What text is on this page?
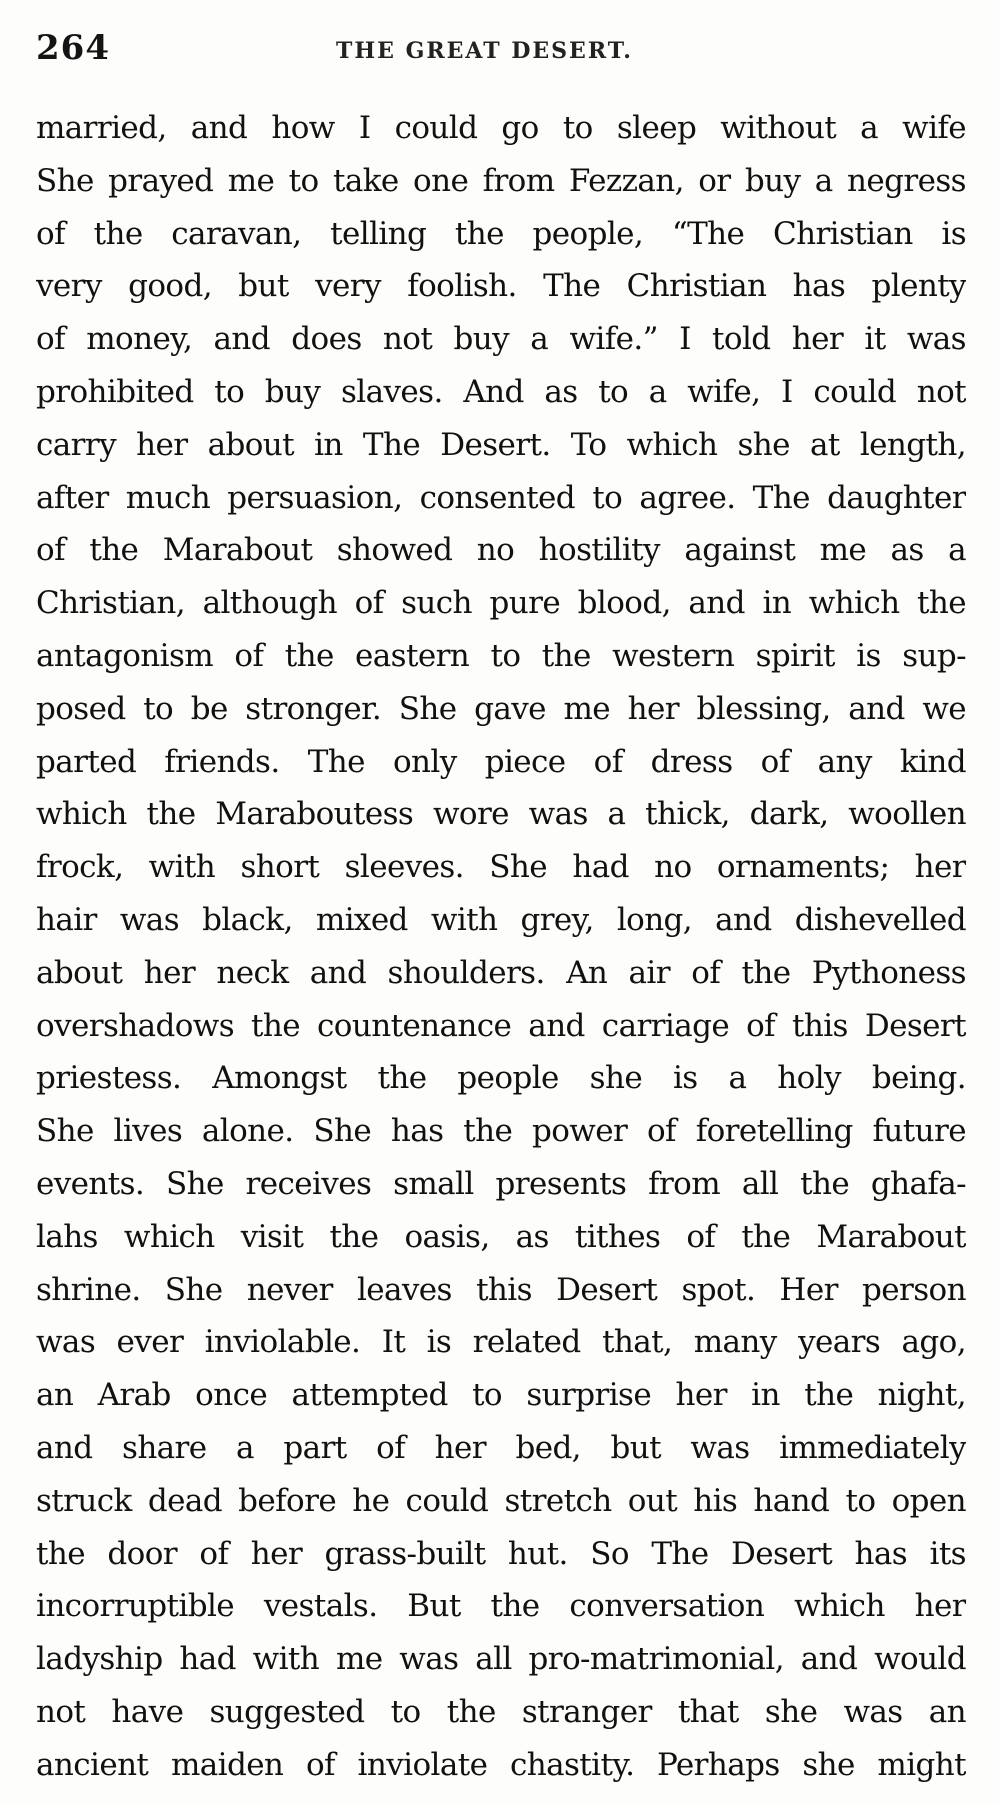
264	THE GREAT DESERT.
married, and how I could go to sleep without a wife
She prayed me to take one from Fezzan, or buy a negress
of the caravan, telling the people, “The Christian is
very good, but very foolish. The Christian has plenty
of money, and does not buy a wife.” I told her it was
prohibited to buy slaves. And as to a wife, I could not
carry her about in The Desert. To which she at length,
after much persuasion, consented to agree. The daughter
of the Marabout showed no hostility against me as a
Christian, although of such pure blood, and in which the
antagonism of the eastern to the western spirit is sup-
posed to be stronger. She gave me her blessing, and we
parted friends. The only piece of dress of any kind
which the Maraboutess wore was a thick, dark, woollen
frock, with short sleeves. She had no ornaments; her
hair was black, mixed with grey, long, and dishevelled
about her neck and shoulders. An air of the Pythoness
overshadows the countenance and carriage of this Desert
priestess. Amongst the people she is a holy being.
She lives alone. She has the power of foretelling future
events. She receives small presents from all the ghafa-
lahs which visit the oasis, as tithes of the Marabout
shrine. She never leaves this Desert spot. Her person
was ever inviolable. It is related that, many years ago,
an Arab once attempted to surprise her in the night,
and share a part of her bed, but was immediately
struck dead before he could stretch out his hand to open
the door of her grass-built hut. So The Desert has its
incorruptible vestals. But the conversation which her
ladyship had with me was all pro-matrimonial, and would
not have suggested to the stranger that she was an
ancient maiden of inviolate chastity. Perhaps she might
